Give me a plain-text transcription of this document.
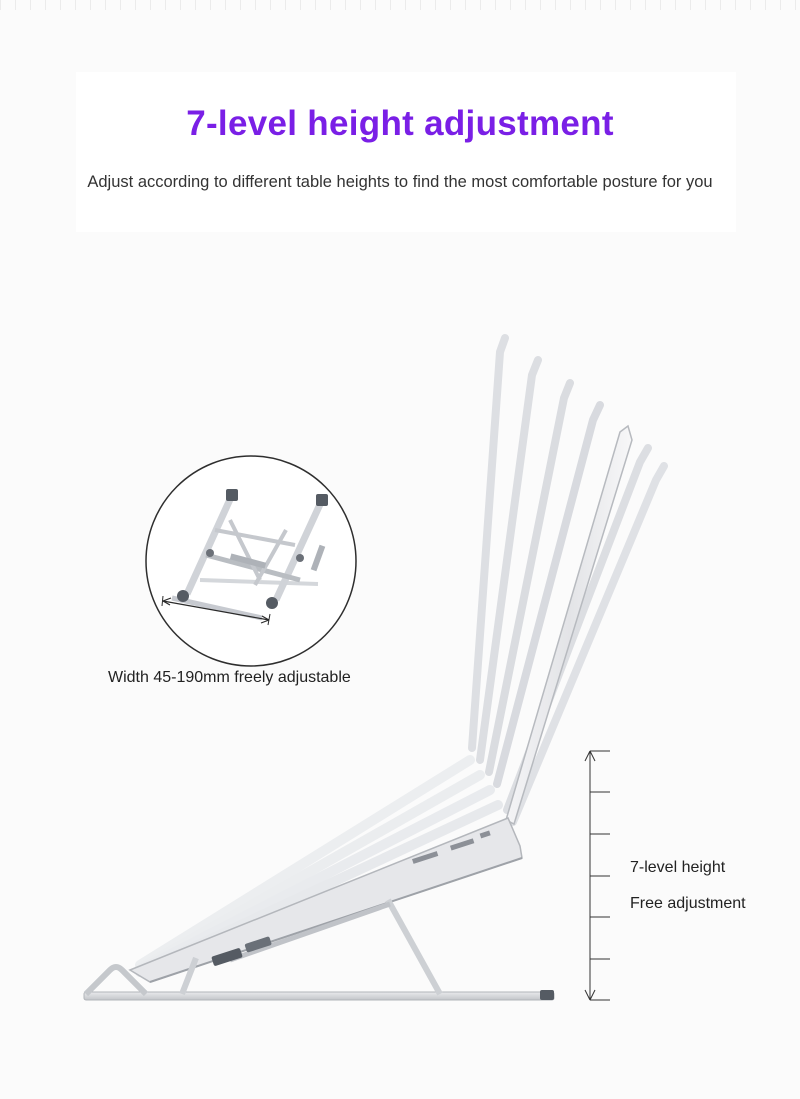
7-level height adjustment
Adjust according to different table heights to find the most comfortable posture for you
Width 45-190mm freely adjustable
7-level height
Free adjustment
